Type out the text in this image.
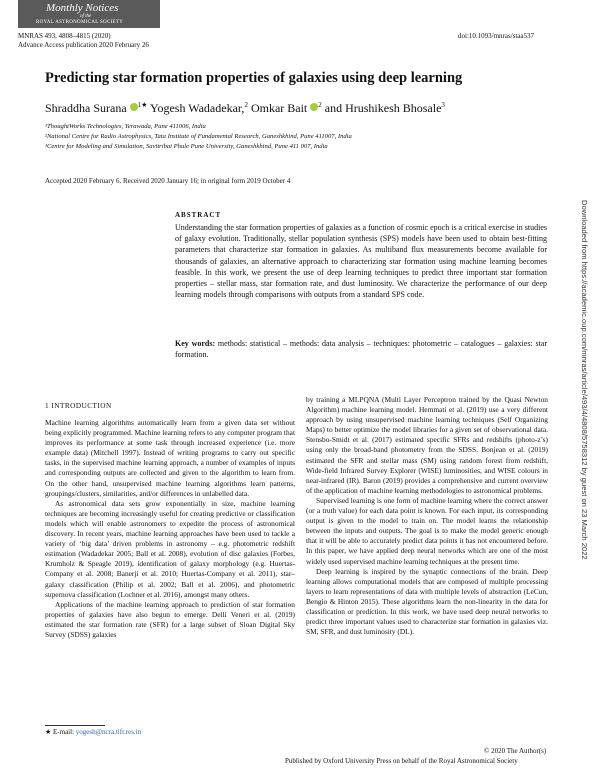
Monthly Notices
of the
ROYAL ASTRONOMICAL SOCIETY
MNRAS 493, 4808–4815 (2020)
Advance Access publication 2020 February 26
doi:10.1093/mnras/staa537
Predicting star formation properties of galaxies using deep learning
Shraddha Surana $^{1★}$ Yogesh Wadadekar,$^2$ Omkar Bait $^2$ and Hrushikesh Bhosale$^3$
¹ThoughtWorks Technologies, Yerawada, Pune 411006, India
²National Centre for Radio Astrophysics, Tata Institute of Fundamental Research, Ganeshkhind, Pune 411007, India
³Centre for Modeling and Simulation, Savitribai Phule Pune University, Ganeshkhind, Pune 411 007, India
Accepted 2020 February 6. Received 2020 January 16; in original form 2019 October 4
ABSTRACT
Understanding the star formation properties of galaxies as a function of cosmic epoch is a critical exercise in studies of galaxy evolution. Traditionally, stellar population synthesis (SPS) models have been used to obtain best-fitting parameters that characterize star formation in galaxies. As multiband flux measurements become available for thousands of galaxies, an alternative approach to characterizing star formation using machine learning becomes feasible. In this work, we present the use of deep learning techniques to predict three important star formation properties – stellar mass, star formation rate, and dust luminosity. We characterize the performance of our deep learning models through comparisons with outputs from a standard SPS code.
Key words: methods: statistical – methods: data analysis – techniques: photometric – catalogues – galaxies: star formation.
1 INTRODUCTION

Machine learning algorithms automatically learn from a given data set without being explicitly programmed. Machine learning refers to any computer program that improves its performance at some task through increased experience (i.e. more example data) (Mitchell 1997). Instead of writing programs to carry out specific tasks, in the supervised machine learning approach, a number of examples of inputs and corresponding outputs are collected and given to the algorithm to learn from. On the other hand, unsupervised machine learning algorithms learn patterns, groupings/clusters, similarities, and/or differences in unlabelled data.

As astronomical data sets grow exponentially in size, machine learning techniques are becoming increasingly useful for creating predictive or classification models which will enable astronomers to expedite the process of astronomical discovery. In recent years, machine learning approaches have been used to tackle a variety of ‘big data’ driven problems in astronomy – e.g. photometric redshift estimation (Wadadekar 2005; Ball et al. 2008), evolution of disc galaxies (Forbes, Krumholz & Speagle 2019), identification of galaxy morphology (e.g. Huertas-Company et al. 2008; Banerji et al. 2010; Huertas-Company et al. 2011), star–galaxy classification (Philip et al. 2002; Ball et al. 2006), and photometric supernova classification (Lochner et al. 2016), amongst many others.

Applications of the machine learning approach to prediction of star formation properties of galaxies have also begun to emerge. Delli Veneri et al. (2019) estimated the star formation rate (SFR) for a large subset of Sloan Digital Sky Survey (SDSS) galaxies

by training a MLPQNA (Multi Layer Perceptron trained by the Quasi Newton Algorithm) machine learning model. Hemmati et al. (2019) use a very different approach by using unsupervised machine learning techniques (Self Organizing Maps) to better optimize the model libraries for a given set of observational data. Stensbo-Smidt et al. (2017) estimated specific SFRs and redshifts (photo-z’s) using only the broad-band photometry from the SDSS. Bonjean et al. (2019) estimated the SFR and stellar mass (SM) using random forest from redshift, Wide-field Infrared Survey Explorer (WISE) luminosities, and WISE colours in near-infrared (IR). Baron (2019) provides a comprehensive and current overview of the application of machine learning methodologies to astronomical problems.

Supervised learning is one form of machine learning where the correct answer (or a truth value) for each data point is known. For each input, its corresponding output is given to the model to train on. The model learns the relationship between the inputs and outputs. The goal is to make the model generic enough that it will be able to accurately predict data points it has not encountered before. In this paper, we have applied deep neural networks which are one of the most widely used supervised machine learning techniques at the present time.

Deep learning is inspired by the synaptic connections of the brain. Deep learning allows computational models that are composed of multiple processing layers to learn representations of data with multiple levels of abstraction (LeCun, Bengio & Hinton 2015). These algorithms learn the non-linearity in the data for classification or prediction. In this work, we have used deep neural networks to predict three important values used to characterize star formation in galaxies viz. SM, SFR, and dust luminosity (DL).

★ E-mail: yogesh@ncra.tifr.res.in
© 2020 The Author(s)
Published by Oxford University Press on behalf of the Royal Astronomical Society
Downloaded from https://academic.oup.com/mnras/article/493/4/4808/5758312 by guest on 23 March 2022
